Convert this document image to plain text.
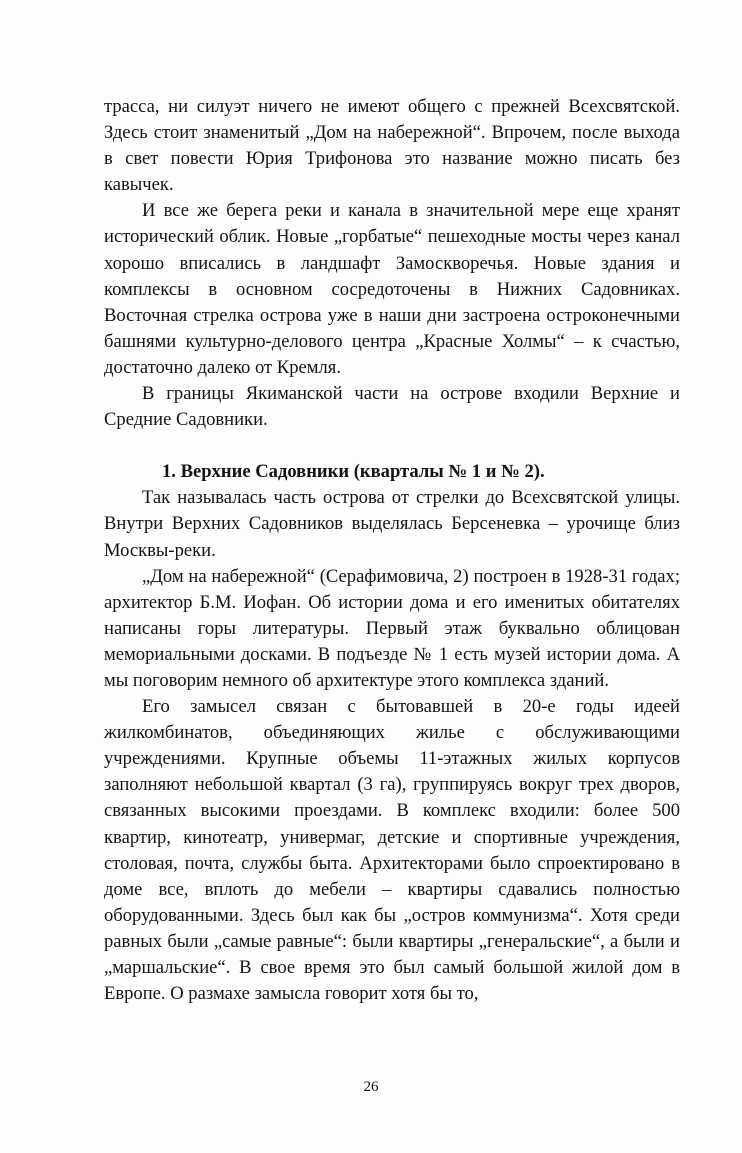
трасса, ни силуэт ничего не имеют общего с прежней Всехсвятской. Здесь стоит знаменитый „Дом на набережной“. Впрочем, после выхода в свет повести Юрия Трифонова это название можно писать без кавычек.

И все же берега реки и канала в значительной мере еще хранят исторический облик. Новые „горбатые“ пешеходные мосты через канал хорошо вписались в ландшафт Замоскворечья. Новые здания и комплексы в основном сосредоточены в Нижних Садовниках. Восточная стрелка острова уже в наши дни застроена остроконечными башнями культурно-делового центра „Красные Холмы“ – к счастью, достаточно далеко от Кремля.

В границы Якиманской части на острове входили Верхние и Средние Садовники.

1. Верхние Садовники (кварталы № 1 и № 2).

Так называлась часть острова от стрелки до Всехсвятской улицы. Внутри Верхних Садовников выделялась Берсеневка – урочище близ Москвы-реки.

„Дом на набережной“ (Серафимовича, 2) построен в 1928-31 годах; архитектор Б.М. Иофан. Об истории дома и его именитых обитателях написаны горы литературы. Первый этаж буквально облицован мемориальными досками. В подъезде № 1 есть музей истории дома. А мы поговорим немного об архитектуре этого комплекса зданий.

Его замысел связан с бытовавшей в 20-е годы идеей жилкомбинатов, объединяющих жилье с обслуживающими учреждениями. Крупные объемы 11-этажных жилых корпусов заполняют небольшой квартал (3 га), группируясь вокруг трех дворов, связанных высокими проездами. В комплекс входили: более 500 квартир, кинотеатр, универмаг, детские и спортивные учреждения, столовая, почта, службы быта. Архитекторами было спроектировано в доме все, вплоть до мебели – квартиры сдавались полностью оборудованными. Здесь был как бы „остров коммунизма“. Хотя среди равных были „самые равные“: были квартиры „генеральские“, а были и „маршальские“. В свое время это был самый большой жилой дом в Европе. О размахе замысла говорит хотя бы то,

26
